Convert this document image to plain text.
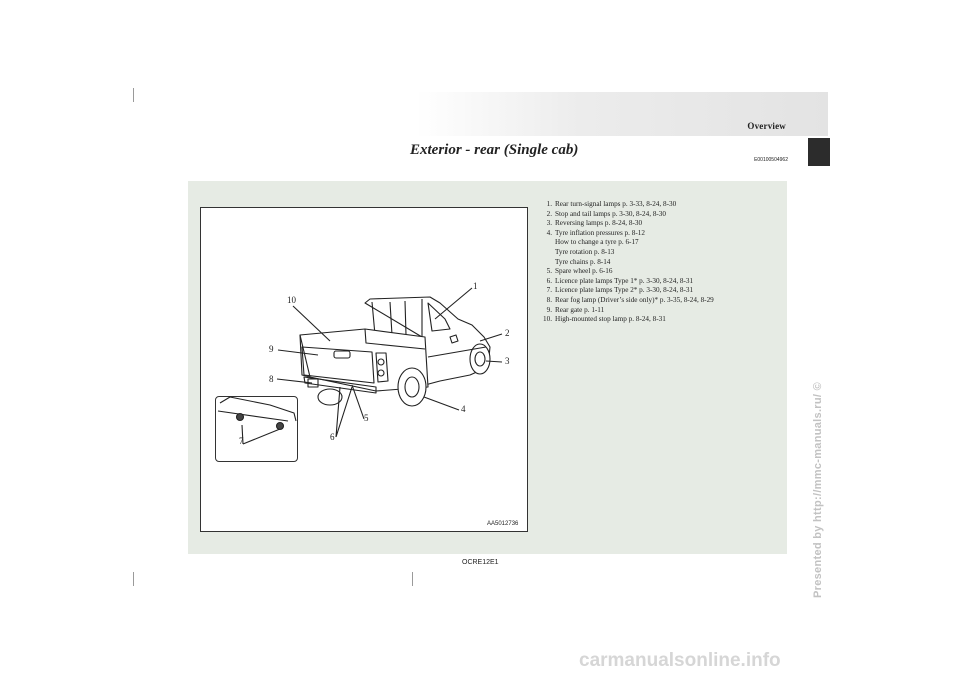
Overview
Exterior - rear (Single cab)
E00100504962
1
2
3
4
5
6
7
8
9
10
AA5012736
1. Rear turn-signal lamps p. 3-33, 8-24, 8-30
2. Stop and tail lamps p. 3-30, 8-24, 8-30
3. Reversing lamps p. 8-24, 8-30
4. Tyre inflation pressures p. 8-12
How to change a tyre p. 6-17
Tyre rotation p. 8-13
Tyre chains p. 8-14
5. Spare wheel p. 6-16
6. Licence plate lamps Type 1* p. 3-30, 8-24, 8-31
7. Licence plate lamps Type 2* p. 3-30, 8-24, 8-31
8. Rear fog lamp (Driver’s side only)* p. 3-35, 8-24, 8-29
9. Rear gate p. 1-11
10. High-mounted stop lamp p. 8-24, 8-31
OCRE12E1	Presented by http://mmc-manuals.ru/ ©
carmanualsonline.info
